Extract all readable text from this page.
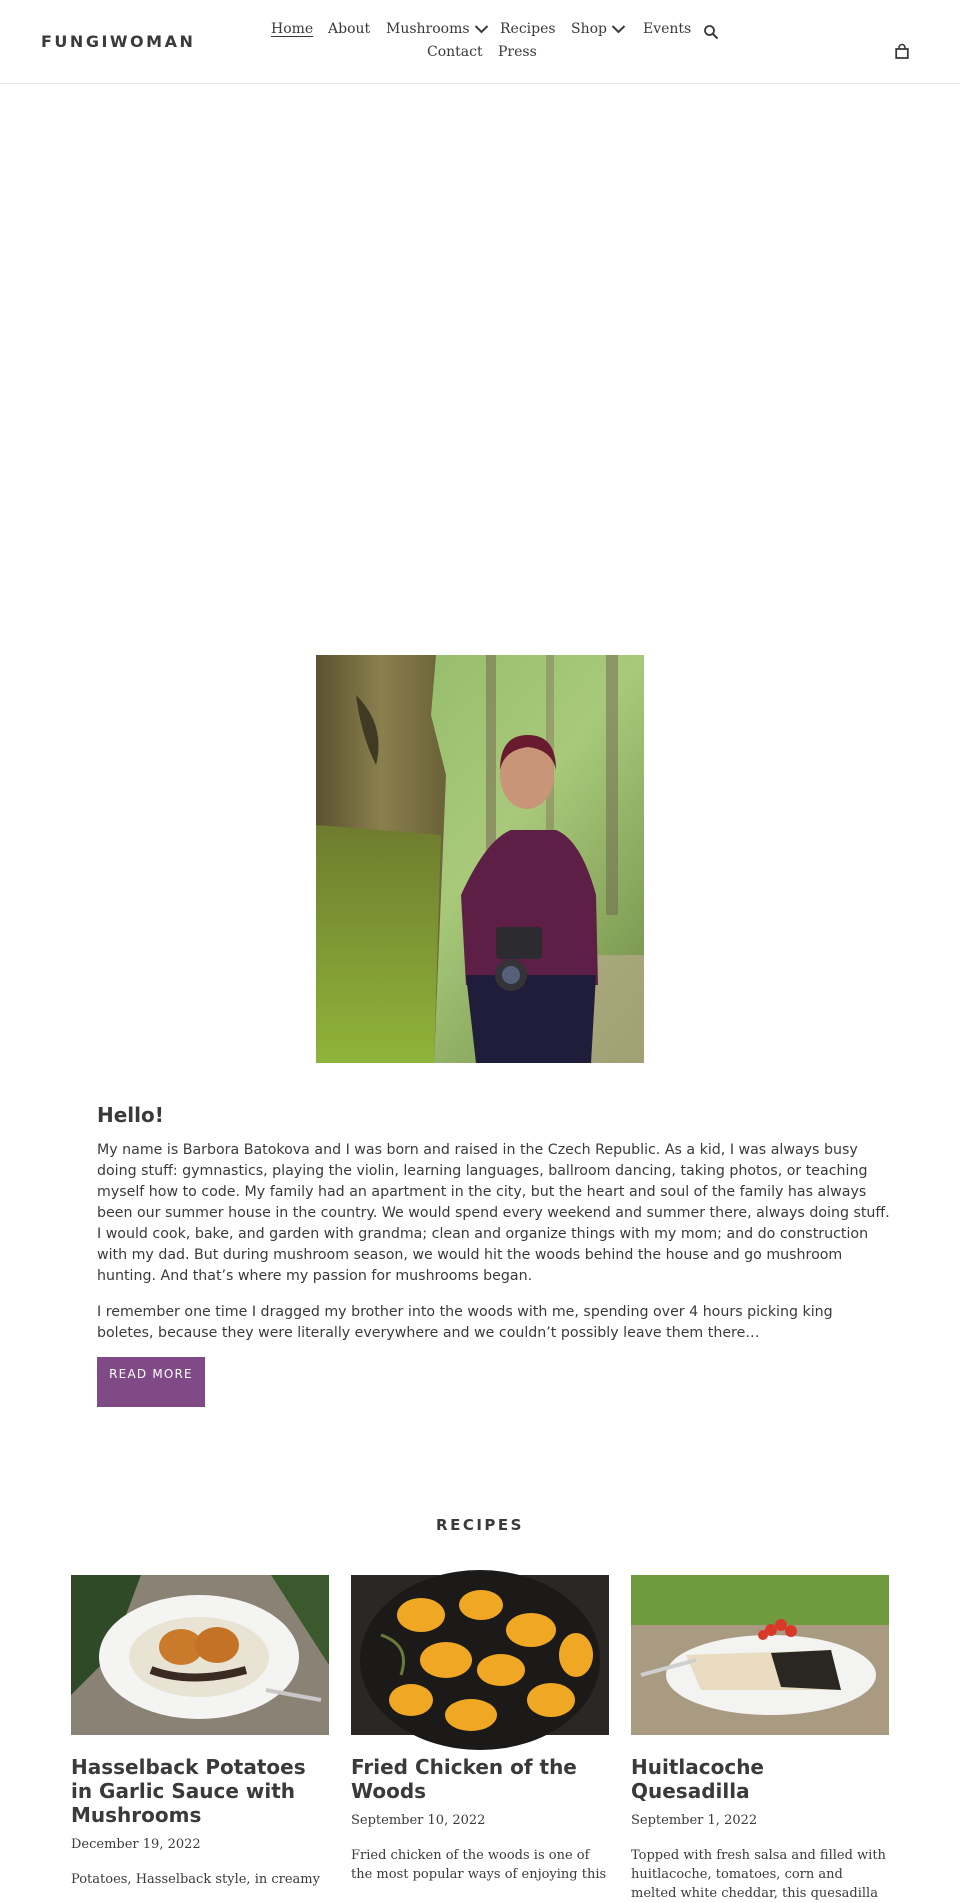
FUNGIWOMAN
Home About Mushrooms	Recipes Shop	Events
Contact Press
Hello!

My name is Barbora Batokova and I was born and raised in the Czech Republic. As a kid, I was always busy doing stuff: gymnastics, playing the violin, learning languages, ballroom dancing, taking photos, or teaching myself how to code. My family had an apartment in the city, but the heart and soul of the family has always been our summer house in the country. We would spend every weekend and summer there, always doing stuff. I would cook, bake, and garden with grandma; clean and organize things with my mom; and do construction with my dad. But during mushroom season, we would hit the woods behind the house and go mushroom hunting. And that’s where my passion for mushrooms began.

I remember one time I dragged my brother into the woods with me, spending over 4 hours picking king boletes, because they were literally everywhere and we couldn’t possibly leave them there…

READ MORE
RECIPES
Hasselback Potatoes in Garlic Sauce with Mushrooms
December 19, 2022
Potatoes, Hasselback style, in creamy
Fried Chicken of the Woods
September 10, 2022
Fried chicken of the woods is one of the most popular ways of enjoying this
Huitlacoche Quesadilla
September 1, 2022
Topped with fresh salsa and filled with huitlacoche, tomatoes, corn and melted white cheddar, this quesadilla
